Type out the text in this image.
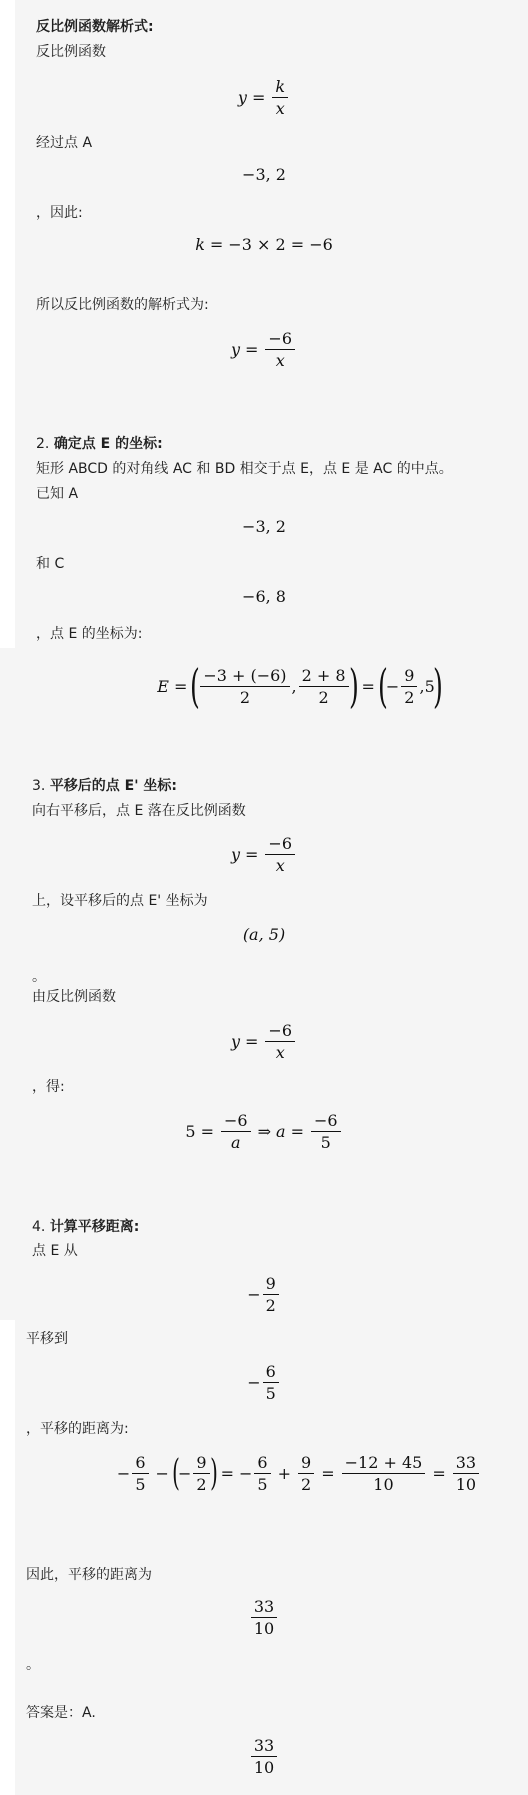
反比例函数解析式:
反比例函数
$y = \frac{k}{x}$
经过点 A
−3, 2
，因此:
k = −3 × 2 = −6
所以反比例函数的解析式为:
$y = \frac{-6}{x}$
2. 确定点 E 的坐标:
矩形 ABCD 的对角线 AC 和 BD 相交于点 E，点 E 是 AC 的中点。
已知 A
−3, 2
和 C
−6, 8
，点 E 的坐标为:
E = ( $\frac{-3 + (-6)}{2}$ , $\frac{2 + 8}{2}$ ) = (
− $\frac{9}{2}$ , 5
)
3. 平移后的点 E' 坐标:
向右平移后，点 E 落在反比例函数
$y = \frac{-6}{x}$
上，设平移后的点 E' 坐标为
(a, 5)
。
由反比例函数
$y = \frac{-6}{x}$
，得:
$5 = \frac{-6}{a}$ ⇒ $a = \frac{-6}{5}$
4. 计算平移距离:
点 E 从
− $\frac{9}{2}$
平移到
− $\frac{6}{5}$
，平移的距离为:
− $\frac{6}{5}$ − (
− $\frac{9}{2}$ ) = − $\frac{6}{5} + \frac{9}{2} = \frac{-12 + 45}{10} = \frac{33}{10}$
因此，平移的距离为
$\frac{33}{10}$
。
答案是：A.
$\frac{33}{10}$
